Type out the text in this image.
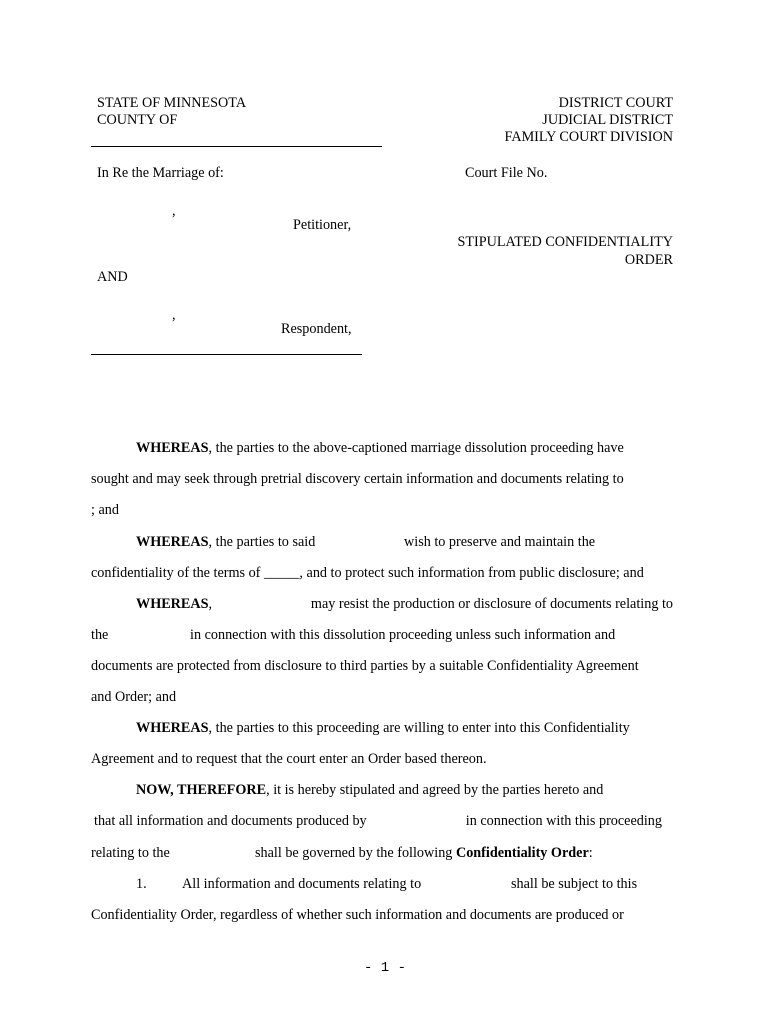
STATE OF MINNESOTA
COUNTY OF
DISTRICT COURT
JUDICIAL DISTRICT
FAMILY COURT DIVISION
In Re the Marriage of:	Court File No.
,
Petitioner,
STIPULATED CONFIDENTIALITY
ORDER
AND
,
Respondent,
WHEREAS, the parties to the above-captioned marriage dissolution proceeding have
sought and may seek through pretrial discovery certain information and documents relating to
; and
WHEREAS, the parties to said	wish to preserve and maintain the
confidentiality of the terms of _____, and to protect such information from public disclosure; and
WHEREAS,	may resist the production or disclosure of documents relating to
the	in connection with this dissolution proceeding unless such information and
documents are protected from disclosure to third parties by a suitable Confidentiality Agreement
and Order; and
WHEREAS, the parties to this proceeding are willing to enter into this Confidentiality
Agreement and to request that the court enter an Order based thereon.
NOW, THEREFORE, it is hereby stipulated and agreed by the parties hereto and
that all information and documents produced by	in connection with this proceeding
relating to the	shall be governed by the following Confidentiality Order:
1. All information and documents relating to	shall be subject to this
Confidentiality Order, regardless of whether such information and documents are produced or
- 1 -
